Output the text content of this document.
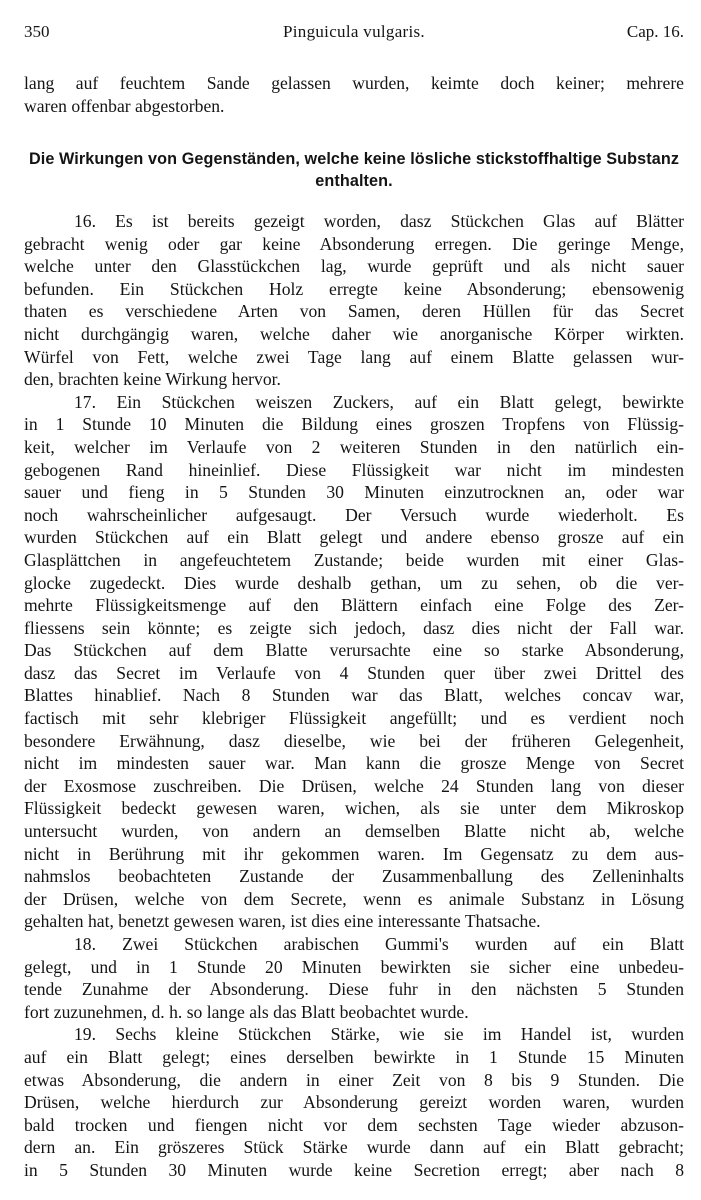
350	Pinguicula vulgaris.	Cap. 16.
lang auf feuchtem Sande gelassen wurden, keimte doch keiner; mehrere
waren offenbar abgestorben.
Die Wirkungen von Gegenständen, welche keine lösliche stickstoffhaltige Substanz
enthalten.
16. Es ist bereits gezeigt worden, dasz Stückchen Glas auf Blätter
gebracht wenig oder gar keine Absonderung erregen. Die geringe Menge,
welche unter den Glasstückchen lag, wurde geprüft und als nicht sauer
befunden. Ein Stückchen Holz erregte keine Absonderung; ebensowenig
thaten es verschiedene Arten von Samen, deren Hüllen für das Secret
nicht durchgängig waren, welche daher wie anorganische Körper wirkten.
Würfel von Fett, welche zwei Tage lang auf einem Blatte gelassen wur-
den, brachten keine Wirkung hervor.
17. Ein Stückchen weiszen Zuckers, auf ein Blatt gelegt, bewirkte
in 1 Stunde 10 Minuten die Bildung eines groszen Tropfens von Flüssig-
keit, welcher im Verlaufe von 2 weiteren Stunden in den natürlich ein-
gebogenen Rand hineinlief. Diese Flüssigkeit war nicht im mindesten
sauer und fieng in 5 Stunden 30 Minuten einzutrocknen an, oder war
noch wahrscheinlicher aufgesaugt. Der Versuch wurde wiederholt. Es
wurden Stückchen auf ein Blatt gelegt und andere ebenso grosze auf ein
Glasplättchen in angefeuchtetem Zustande; beide wurden mit einer Glas-
glocke zugedeckt. Dies wurde deshalb gethan, um zu sehen, ob die ver-
mehrte Flüssigkeitsmenge auf den Blättern einfach eine Folge des Zer-
fliessens sein könnte; es zeigte sich jedoch, dasz dies nicht der Fall war.
Das Stückchen auf dem Blatte verursachte eine so starke Absonderung,
dasz das Secret im Verlaufe von 4 Stunden quer über zwei Drittel des
Blattes hinablief. Nach 8 Stunden war das Blatt, welches concav war,
factisch mit sehr klebriger Flüssigkeit angefüllt; und es verdient noch
besondere Erwähnung, dasz dieselbe, wie bei der früheren Gelegenheit,
nicht im mindesten sauer war. Man kann die grosze Menge von Secret
der Exosmose zuschreiben. Die Drüsen, welche 24 Stunden lang von dieser
Flüssigkeit bedeckt gewesen waren, wichen, als sie unter dem Mikroskop
untersucht wurden, von andern an demselben Blatte nicht ab, welche
nicht in Berührung mit ihr gekommen waren. Im Gegensatz zu dem aus-
nahmslos beobachteten Zustande der Zusammenballung des Zelleninhalts
der Drüsen, welche von dem Secrete, wenn es animale Substanz in Lösung
gehalten hat, benetzt gewesen waren, ist dies eine interessante Thatsache.
18. Zwei Stückchen arabischen Gummi's wurden auf ein Blatt
gelegt, und in 1 Stunde 20 Minuten bewirkten sie sicher eine unbedeu-
tende Zunahme der Absonderung. Diese fuhr in den nächsten 5 Stunden
fort zuzunehmen, d. h. so lange als das Blatt beobachtet wurde.
19. Sechs kleine Stückchen Stärke, wie sie im Handel ist, wurden
auf ein Blatt gelegt; eines derselben bewirkte in 1 Stunde 15 Minuten
etwas Absonderung, die andern in einer Zeit von 8 bis 9 Stunden. Die
Drüsen, welche hierdurch zur Absonderung gereizt worden waren, wurden
bald trocken und fiengen nicht vor dem sechsten Tage wieder abzuson-
dern an. Ein gröszeres Stück Stärke wurde dann auf ein Blatt gebracht;
in 5 Stunden 30 Minuten wurde keine Secretion erregt; aber nach 8
